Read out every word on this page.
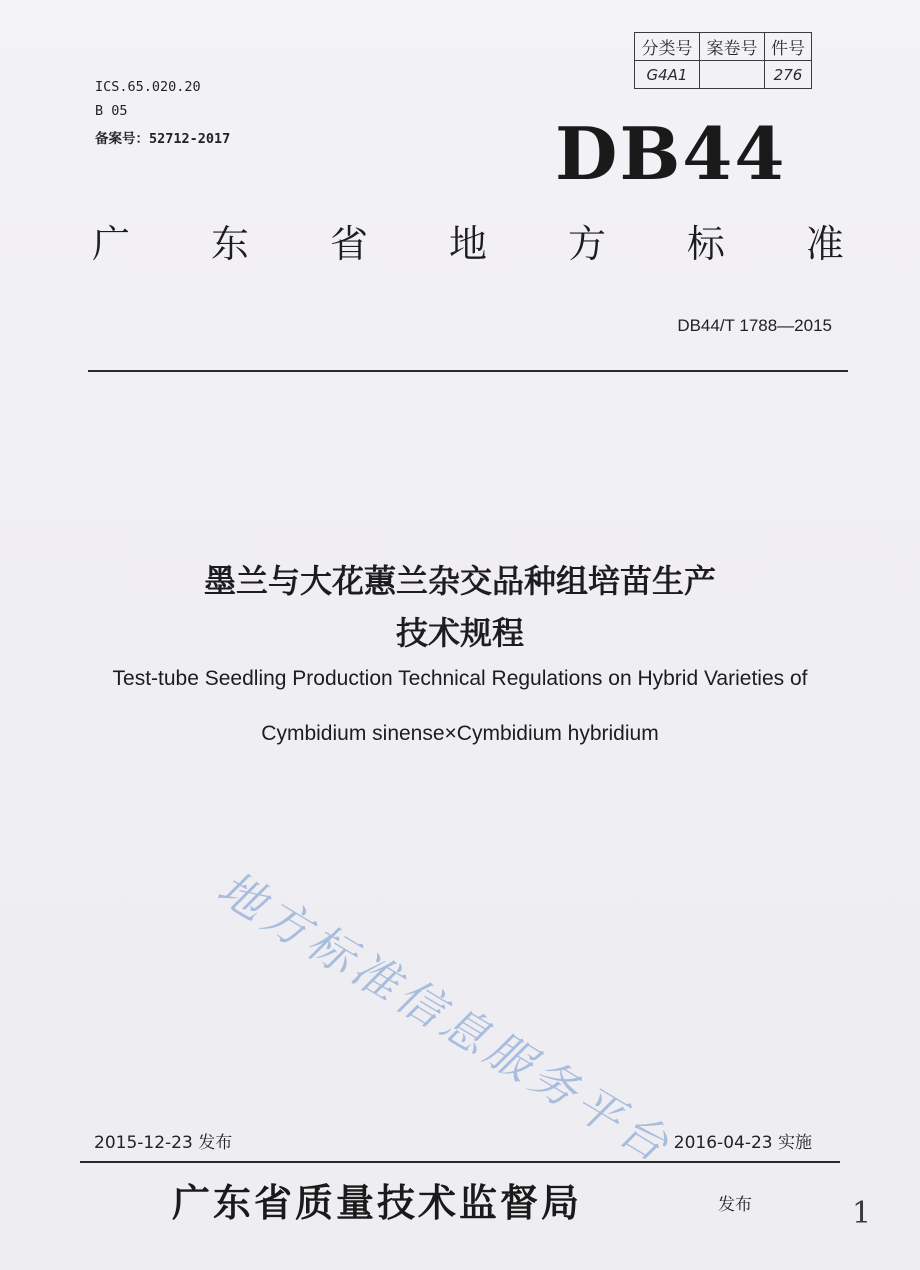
分类号	案卷号	件号
G4A1		276
ICS.65.020.20
B 05
备案号：52712-2017	DB44
广 东 省 地 方 标 准
DB44/T 1788—2015
墨兰与大花蕙兰杂交品种组培苗生产
技术规程
Test-tube Seedling Production Technical Regulations on Hybrid Varieties of
Cymbidium sinense×Cymbidium hybridium
地方标准信息服务平台
2015-12-23 发布	2016-04-23 实施
广东省质量技术监督局	发布	1
